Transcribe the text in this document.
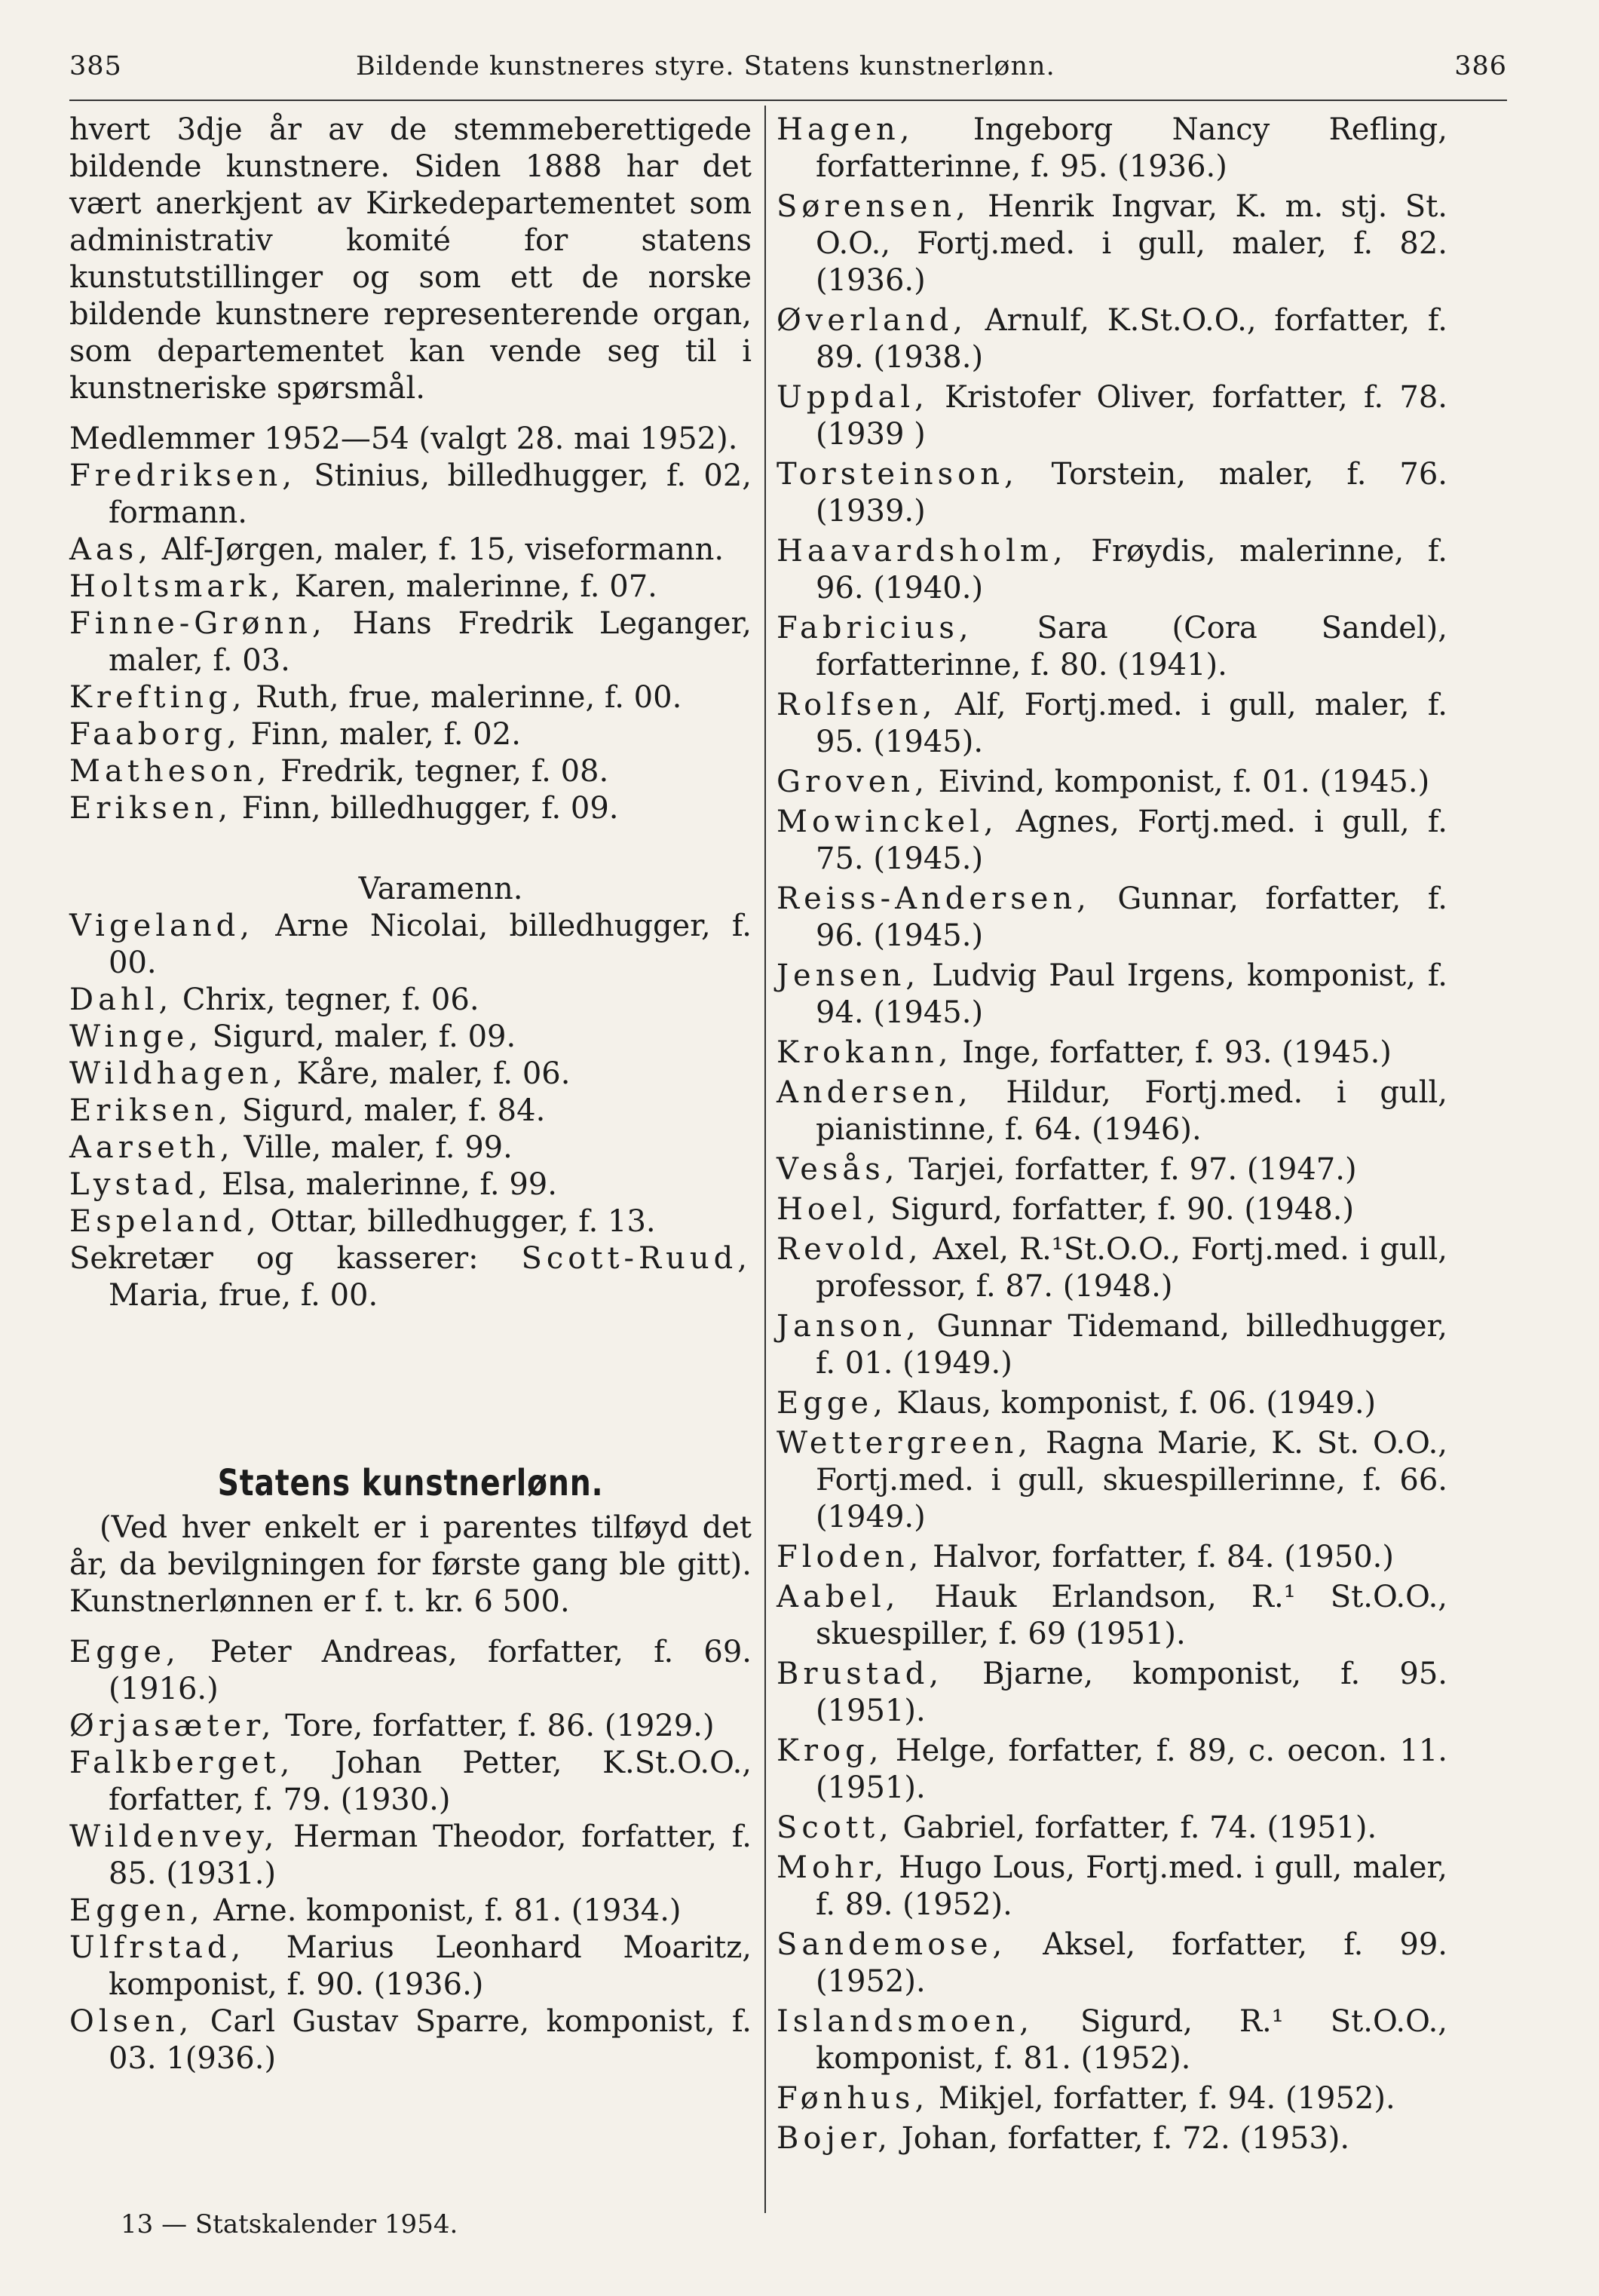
385	Bildende kunstneres styre. Statens kunstnerlønn.	386

hvert 3dje år av de stemmeberettigede bildende kunstnere. Siden 1888 har det vært anerkjent av Kirkedepartementet som administrativ komité for statens kunstutstillinger og som ett de norske bildende kunstnere representerende organ, som departementet kan vende seg til i kunstneriske spørsmål.

Medlemmer 1952—54 (valgt 28. mai 1952).
Fredriksen, Stinius, billedhugger, f. 02, formann.
Aas, Alf-Jørgen, maler, f. 15, viseformann.
Holtsmark, Karen, malerinne, f. 07.
Finne-Grønn, Hans Fredrik Leganger, maler, f. 03.
Krefting, Ruth, frue, malerinne, f. 00.
Faaborg, Finn, maler, f. 02.
Matheson, Fredrik, tegner, f. 08.
Eriksen, Finn, billedhugger, f. 09.
Varamenn.
Vigeland, Arne Nicolai, billedhugger, f. 00.
Dahl, Chrix, tegner, f. 06.
Winge, Sigurd, maler, f. 09.
Wildhagen, Kåre, maler, f. 06.
Eriksen, Sigurd, maler, f. 84.
Aarseth, Ville, maler, f. 99.
Lystad, Elsa, malerinne, f. 99.
Espeland, Ottar, billedhugger, f. 13.
Sekretær og kasserer: Scott-Ruud, Maria, frue, f. 00.
Statens kunstnerlønn.

(Ved hver enkelt er i parentes tilføyd det år, da bevilgningen for første gang ble gitt). Kunstnerlønnen er f. t. kr. 6 500.

Egge, Peter Andreas, forfatter, f. 69. (1916.)
Ørjasæter, Tore, forfatter, f. 86. (1929.)
Falkberget, Johan Petter, K.St.O.O., forfatter, f. 79. (1930.)
Wildenvey, Herman Theodor, forfatter, f. 85. (1931.)
Eggen, Arne. komponist, f. 81. (1934.)
Ulfrstad, Marius Leonhard Moaritz, komponist, f. 90. (1936.)
Olsen, Carl Gustav Sparre, komponist, f. 03. 1(936.)
Hagen, Ingeborg Nancy Refling, forfatterinne, f. 95. (1936.)
Sørensen, Henrik Ingvar, K. m. stj. St. O.O., Fortj.med. i gull, maler, f. 82. (1936.)
Øverland, Arnulf, K.St.O.O., forfatter, f. 89. (1938.)
Uppdal, Kristofer Oliver, forfatter, f. 78. (1939 )
Torsteinson, Torstein, maler, f. 76. (1939.)
Haavardsholm, Frøydis, malerinne, f. 96. (1940.)
Fabricius, Sara (Cora Sandel), forfatterinne, f. 80. (1941).
Rolfsen, Alf, Fortj.med. i gull, maler, f. 95. (1945).
Groven, Eivind, komponist, f. 01. (1945.)
Mowinckel, Agnes, Fortj.med. i gull, f. 75. (1945.)
Reiss-Andersen, Gunnar, forfatter, f. 96. (1945.)
Jensen, Ludvig Paul Irgens, komponist, f. 94. (1945.)
Krokann, Inge, forfatter, f. 93. (1945.)
Andersen, Hildur, Fortj.med. i gull, pianistinne, f. 64. (1946).
Vesås, Tarjei, forfatter, f. 97. (1947.)
Hoel, Sigurd, forfatter, f. 90. (1948.)
Revold, Axel, R.¹St.O.O., Fortj.med. i gull, professor, f. 87. (1948.)
Janson, Gunnar Tidemand, billedhugger, f. 01. (1949.)
Egge, Klaus, komponist, f. 06. (1949.)
Wettergreen, Ragna Marie, K. St. O.O., Fortj.med. i gull, skuespillerinne, f. 66. (1949.)
Floden, Halvor, forfatter, f. 84. (1950.)
Aabel, Hauk Erlandson, R.¹ St.O.O., skuespiller, f. 69 (1951).
Brustad, Bjarne, komponist, f. 95. (1951).
Krog, Helge, forfatter, f. 89, c. oecon. 11. (1951).
Scott, Gabriel, forfatter, f. 74. (1951).
Mohr, Hugo Lous, Fortj.med. i gull, maler, f. 89. (1952).
Sandemose, Aksel, forfatter, f. 99. (1952).
Islandsmoen, Sigurd, R.¹ St.O.O., komponist, f. 81. (1952).
Fønhus, Mikjel, forfatter, f. 94. (1952).
Bojer, Johan, forfatter, f. 72. (1953).
13 — Statskalender 1954.
